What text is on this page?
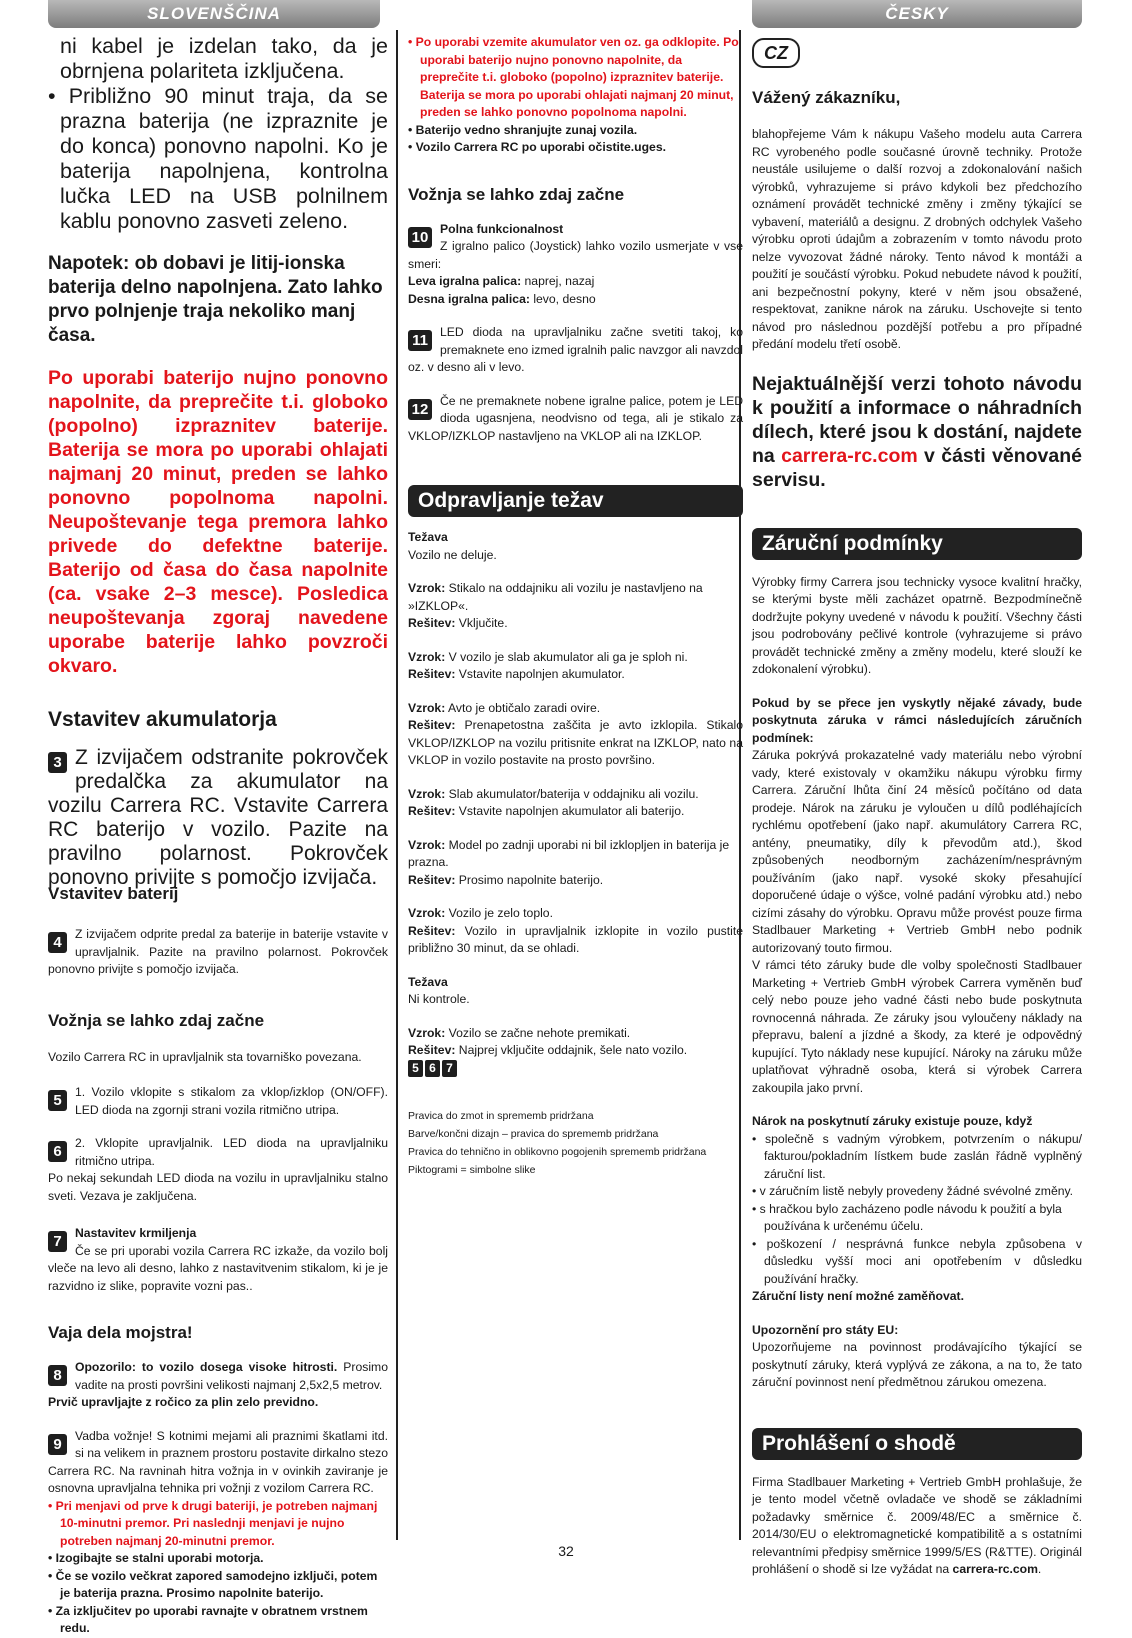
SLOVENŠČINA	ČESKY

ni kabel je izdelan tako, da je obrnjena polariteta izključena.

• Približno 90 minut traja, da se prazna baterija (ne izpraznite je do konca) ponovno napolni. Ko je baterija napolnjena, kontrolna lučka LED na USB polnilnem kablu ponovno zasveti zeleno.

Napotek: ob dobavi je litij-ionska baterija delno napolnjena. Zato lahko prvo polnjenje traja nekoliko manj časa.

Po uporabi baterijo nujno ponovno napolnite, da preprečite t.i. globoko (popolno) izpraznitev baterije. Baterija se mora po uporabi ohlajati najmanj 20 minut, preden se lahko ponovno popolnoma napolni. Neupoštevanje tega premora lahko privede do defektne baterije. Baterijo od časa do časa napolnite (ca. vsake 2–3 mesce). Posledica neupoštevanja zgoraj navedene uporabe baterije lahko povzroči okvaro.

Vstavitev akumulatorja

3 Z izvijačem odstranite pokrovček predalčka za akumulator na vozilu Carrera RC. Vstavite Carrera RC baterijo v vozilo. Pazite na pravilno polarnost. Pokrovček ponovno privijte s pomočjo izvijača.

Vstavitev baterij

4	Z izvijačem odprite predal za baterije in baterije vstavite v upravljalnik. Pazite na pravilno polarnost. Pokrovček ponovno privijte s pomočjo izvijača.

Vožnja se lahko zdaj začne

Vozilo Carrera RC in upravljalnik sta tovarniško povezana.

5	1. Vozilo vklopite s stikalom za vklop/izklop (ON/OFF). LED dioda na zgornji strani vozila ritmično utripa.

6	2. Vklopite upravljalnik. LED dioda na upravljalniku ritmično utripa.

Po nekaj sekundah LED dioda na vozilu in upravljalniku stalno sveti. Vezava je zaključena.

7	Nastavitev krmiljenja

Če se pri uporabi vozila Carrera RC izkaže, da vozilo bolj vleče na levo ali desno, lahko z nastavitvenim stikalom, ki je je razvidno iz slike, popravite vozni pas..

Vaja dela mojstra!

8	Opozorilo: to vozilo dosega visoke hitrosti. Prosimo vadite na prosti površini velikosti najmanj 2,5x2,5 metrov.

Prvič upravljajte z ročico za plin zelo previdno.

9	Vadba vožnje! S kotnimi mejami ali praznimi škatlami itd. si na velikem in praznem prostoru postavite dirkalno stezo Carrera RC. Na ravninah hitra vožnja in v ovinkih zaviranje je osnovna upravljalna tehnika pri vožnji z vozilom Carrera RC.

• Pri menjavi od prve k drugi bateriji, je potreben najmanj 10-minutni premor. Pri naslednji menjavi je nujno potreben najmanj 20-minutni premor.

• Izogibajte se stalni uporabi motorja.

• Če se vozilo večkrat zapored samodejno izključi, potem je baterija prazna. Prosimo napolnite baterijo.

• Za izključitev po uporabi ravnajte v obratnem vrstnem redu.

• Po uporabi vzemite akumulator ven oz. ga odklopite. Po uporabi baterijo nujno ponovno napolnite, da preprečite t.i. globoko (popolno) izpraznitev baterije. Baterija se mora po uporabi ohlajati najmanj 20 minut, preden se lahko ponovno popolnoma napolni.

• Baterijo vedno shranjujte zunaj vozila.

• Vozilo Carrera RC po uporabi očistite.uges.

Vožnja se lahko zdaj začne

10 Polna funkcionalnost

Z igralno palico (Joystick) lahko vozilo usmerjate v vse smeri:

Leva igralna palica: naprej, nazaj

Desna igralna palica: levo, desno

11 LED dioda na upravljalniku začne svetiti takoj, ko premaknete eno izmed igralnih palic navzgor ali navzdol oz. v desno ali v levo.

12 Če ne premaknete nobene igralne palice, potem je LED dioda ugasnjena, neodvisno od tega, ali je stikalo za VKLOP/IZKLOP nastavljeno na VKLOP ali na IZKLOP.

Odpravljanje težav

Težava

Vozilo ne deluje.

Vzrok: Stikalo na oddajniku ali vozilu je nastavljeno na »IZKLOP«.

Rešitev: Vključite.

Vzrok: V vozilo je slab akumulator ali ga je sploh ni.

Rešitev: Vstavite napolnjen akumulator.

Vzrok: Avto je obtičalo zaradi ovire.

Rešitev: Prenapetostna zaščita je avto izklopila. Stikalo VKLOP/IZKLOP na vozilu pritisnite enkrat na IZKLOP, nato na VKLOP in vozilo postavite na prosto površino.

Vzrok: Slab akumulator/baterija v oddajniku ali vozilu.

Rešitev: Vstavite napolnjen akumulator ali baterijo.

Vzrok: Model po zadnji uporabi ni bil izklopljen in baterija je prazna.

Rešitev: Prosimo napolnite baterijo.

Vzrok: Vozilo je zelo toplo.

Rešitev: Vozilo in upravljalnik izklopite in vozilo pustite približno 30 minut, da se ohladi.

Težava

Ni kontrole.

Vzrok: Vozilo se začne nehote premikati.

Rešitev: Najprej vključite oddajnik, šele nato vozilo.

5 6 7

Pravica do zmot in sprememb pridržana

Barve/končni dizajn – pravica do sprememb pridržana

Pravica do tehnično in oblikovno pogojenih sprememb pridržana

Piktogrami = simbolne slike

CZ

Vážený zákazníku,

blahopřejeme Vám k nákupu Vašeho modelu auta Carrera RC vyrobeného podle současné úrovně techniky. Protože neustále usilujeme o další rozvoj a zdokonalování našich výrobků, vyhrazujeme si právo kdykoli bez předchozího oznámení provádět technické změny i změny týkající se vybavení, materiálů a designu. Z drobných odchylek Vašeho výrobku oproti údajům a zobrazením v tomto návodu proto nelze vyvozovat žádné nároky. Tento návod k montáži a použití je součástí výrobku. Pokud nebudete návod k použití, ani bezpečnostní pokyny, které v něm jsou obsažené, respektovat, zanikne nárok na záruku. Uschovejte si tento návod pro následnou pozdější potřebu a pro případné předání modelu třetí osobě.

Nejaktuálnější verzi tohoto návodu k použití a informace o náhradních dílech, které jsou k dostání, najdete na carrera-rc.com v části věnované servisu.

Záruční podmínky

Výrobky firmy Carrera jsou technicky vysoce kvalitní hračky, se kterými byste měli zacházet opatrně. Bezpodmínečně dodržujte pokyny uvedené v návodu k použití. Všechny části jsou podrobovány pečlivé kontrole (vyhrazujeme si právo provádět technické změny a změny modelu, které slouží ke zdokonalení výrobku).

Pokud by se přece jen vyskytly nějaké závady, bude poskytnuta záruka v rámci následujících záručních podmínek:

Záruka pokrývá prokazatelné vady materiálu nebo výrobní vady, které existovaly v okamžiku nákupu výrobku firmy Carrera. Záruční lhůta činí 24 měsíců počítáno od data prodeje. Nárok na záruku je vyloučen u dílů podléhajících rychlému opotřebení (jako např. akumulátory Carrera RC, antény, pneumatiky, díly k převodům atd.), škod způsobených neodborným zacházením/nesprávným používáním (jako např. vysoké skoky přesahující doporučené údaje o výšce, volné padání výrobku atd.) nebo cizími zásahy do výrobku. Opravu může provést pouze firma Stadlbauer Marketing + Vertrieb GmbH nebo podnik autorizovaný touto firmou.

V rámci této záruky bude dle volby společnosti Stadlbauer Marketing + Vertrieb GmbH výrobek Carrera vyměněn buď celý nebo pouze jeho vadné části nebo bude poskytnuta rovnocenná náhrada. Ze záruky jsou vyloučeny náklady na přepravu, balení a jízdné a škody, za které je odpovědný kupující. Tyto náklady nese kupující. Nároky na záruku může uplatňovat výhradně osoba, která si výrobek Carrera zakoupila jako první.

Nárok na poskytnutí záruky existuje pouze, když

• společně s vadným výrobkem, potvrzením o nákupu/ fakturou/pokladním lístkem bude zaslán řádně vyplněný záruční list.

• v záručním listě nebyly provedeny žádné svévolné změny.

• s hračkou bylo zacházeno podle návodu k použití a byla používána k určenému účelu.

• poškození / nesprávná funkce nebyla způsobena v důsledku vyšší moci ani opotřebením v důsledku používání hračky.

Záruční listy není možné zaměňovat.

Upozornění pro státy EU:

Upozorňujeme na povinnost prodávajícího týkající se poskytnutí záruky, která vyplývá ze zákona, a na to, že tato záruční povinnost není předmětnou zárukou omezena.

Prohlášení o shodě

Firma Stadlbauer Marketing + Vertrieb GmbH prohlašuje, že je tento model včetně ovladače ve shodě se základními požadavky směrnice č. 2009/48/EC a směrnice č. 2014/30/EU o elektromagnetické kompatibilitě a s ostatními relevantními předpisy směrnice 1999/5/ES (R&TTE). Originál prohlášení o shodě si lze vyžádat na carrera-rc.com.

32
